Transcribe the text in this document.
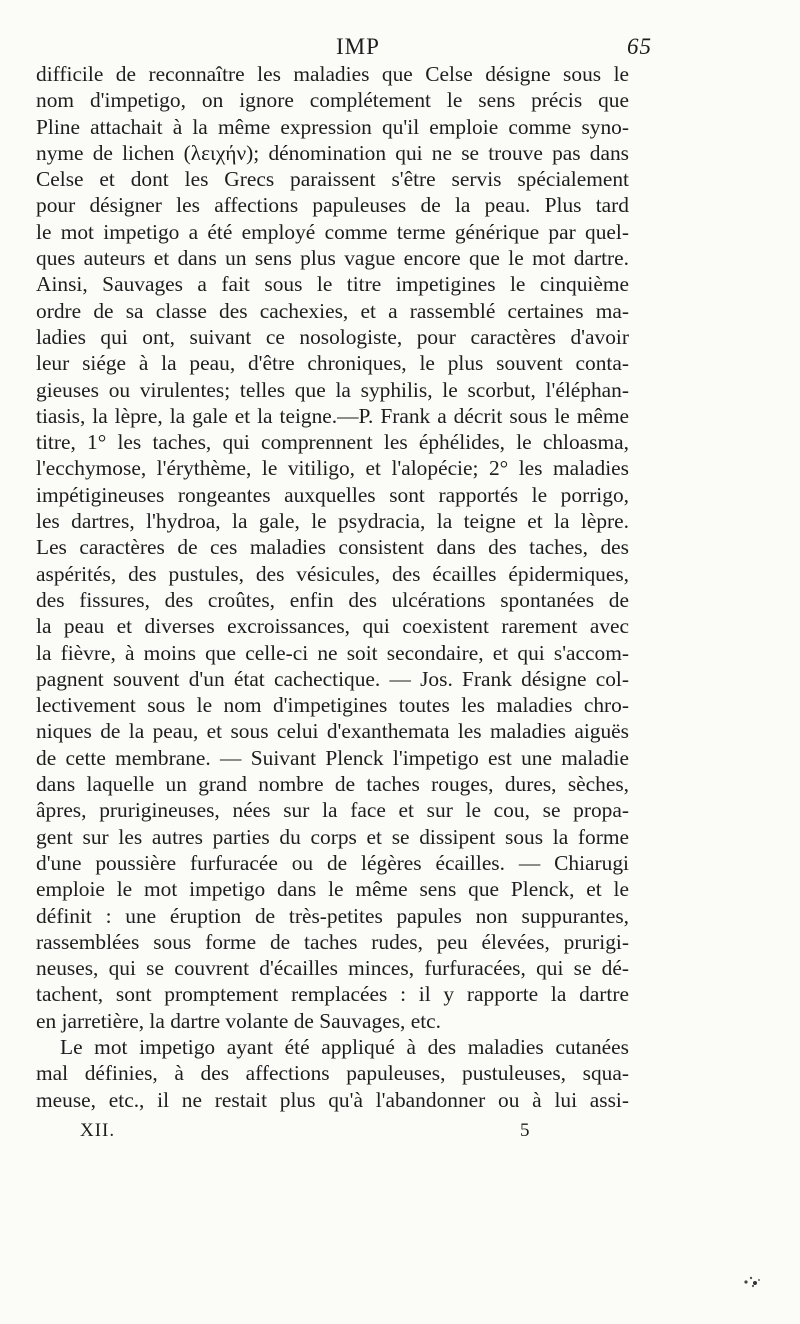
IMP	65
difficile de reconnaître les maladies que Celse désigne sous le
nom d'impetigo, on ignore complétement le sens précis que
Pline attachait à la même expression qu'il emploie comme syno-
nyme de lichen (λειχήν); dénomination qui ne se trouve pas dans
Celse et dont les Grecs paraissent s'être servis spécialement
pour désigner les affections papuleuses de la peau. Plus tard
le mot impetigo a été employé comme terme générique par quel-
ques auteurs et dans un sens plus vague encore que le mot dartre.
Ainsi, Sauvages a fait sous le titre impetigines le cinquième
ordre de sa classe des cachexies, et a rassemblé certaines ma-
ladies qui ont, suivant ce nosologiste, pour caractères d'avoir
leur siége à la peau, d'être chroniques, le plus souvent conta-
gieuses ou virulentes; telles que la syphilis, le scorbut, l'éléphan-
tiasis, la lèpre, la gale et la teigne.—P. Frank a décrit sous le même
titre, 1° les taches, qui comprennent les éphélides, le chloasma,
l'ecchymose, l'érythème, le vitiligo, et l'alopécie; 2° les maladies
impétigineuses rongeantes auxquelles sont rapportés le porrigo,
les dartres, l'hydroa, la gale, le psydracia, la teigne et la lèpre.
Les caractères de ces maladies consistent dans des taches, des
aspérités, des pustules, des vésicules, des écailles épidermiques,
des fissures, des croûtes, enfin des ulcérations spontanées de
la peau et diverses excroissances, qui coexistent rarement avec
la fièvre, à moins que celle-ci ne soit secondaire, et qui s'accom-
pagnent souvent d'un état cachectique. — Jos. Frank désigne col-
lectivement sous le nom d'impetigines toutes les maladies chro-
niques de la peau, et sous celui d'exanthemata les maladies aiguës
de cette membrane. — Suivant Plenck l'impetigo est une maladie
dans laquelle un grand nombre de taches rouges, dures, sèches,
âpres, prurigineuses, nées sur la face et sur le cou, se propa-
gent sur les autres parties du corps et se dissipent sous la forme
d'une poussière furfuracée ou de légères écailles. — Chiarugi
emploie le mot impetigo dans le même sens que Plenck, et le
définit : une éruption de très-petites papules non suppurantes,
rassemblées sous forme de taches rudes, peu élevées, prurigi-
neuses, qui se couvrent d'écailles minces, furfuracées, qui se dé-
tachent, sont promptement remplacées : il y rapporte la dartre
en jarretière, la dartre volante de Sauvages, etc.
Le mot impetigo ayant été appliqué à des maladies cutanées
mal définies, à des affections papuleuses, pustuleuses, squa-
meuse, etc., il ne restait plus qu'à l'abandonner ou à lui assi-
XII.	5
